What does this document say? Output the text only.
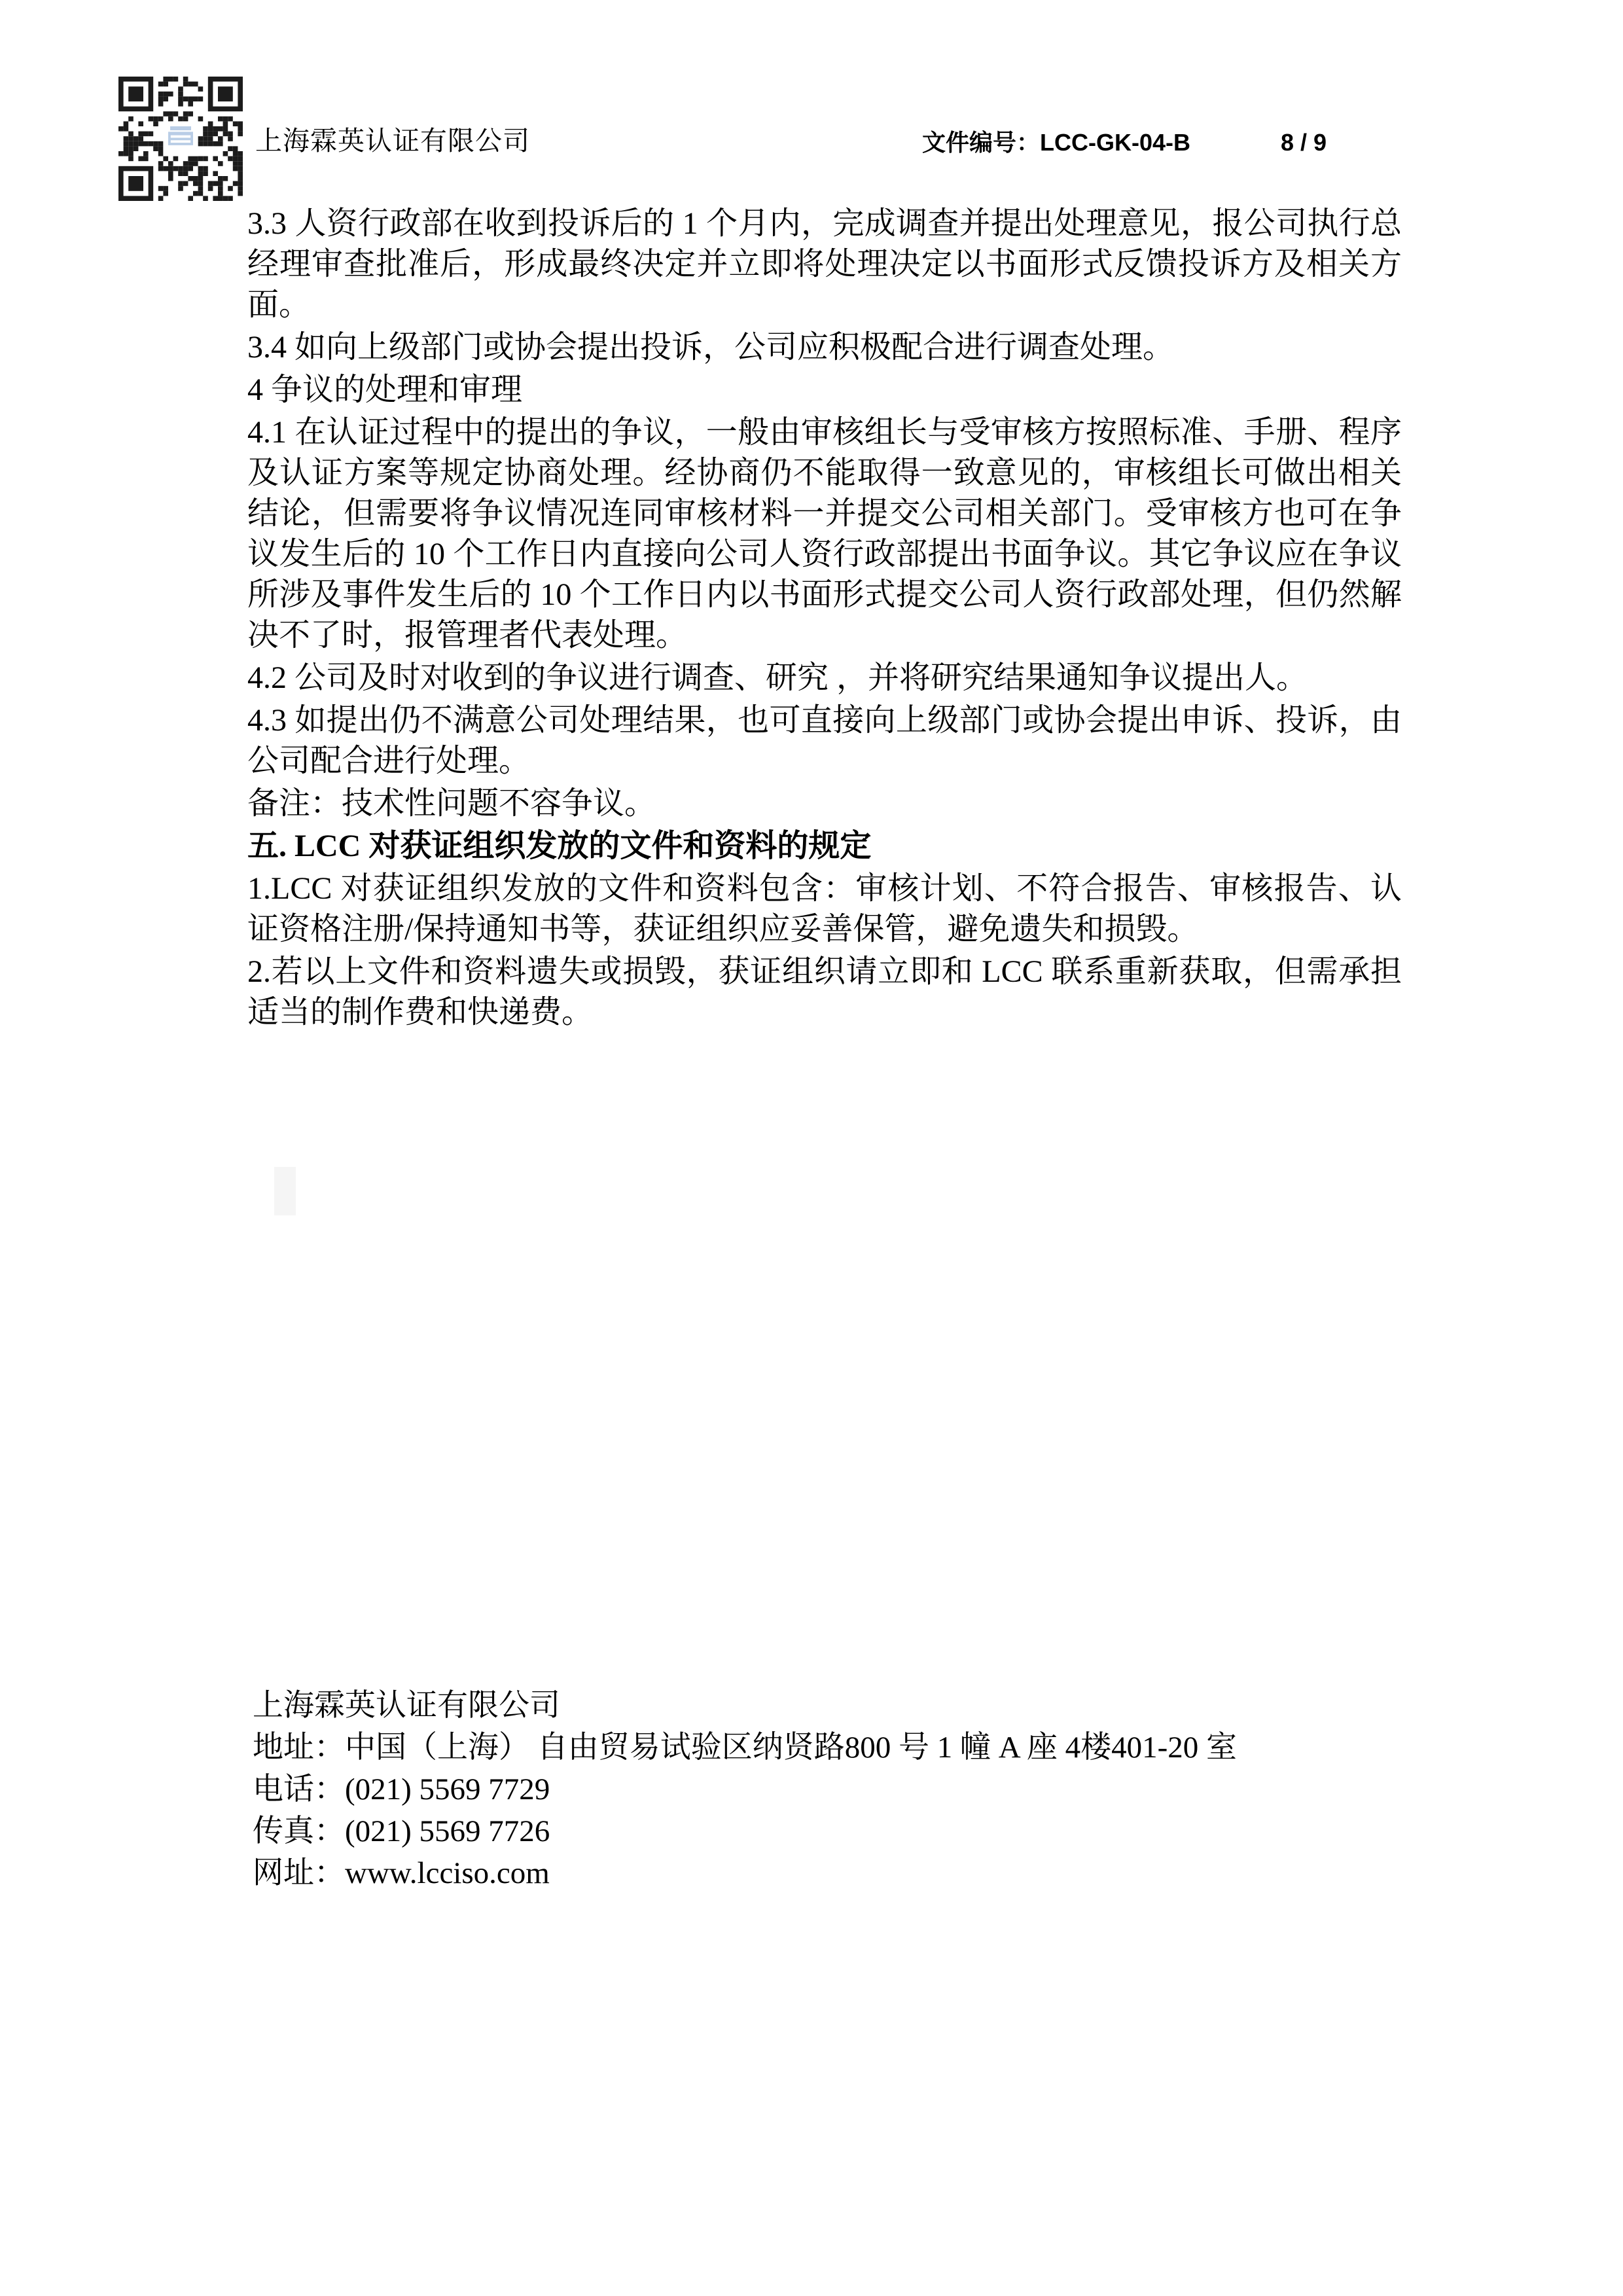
上海霖英认证有限公司	文件编号：LCC-GK-04-B	8 / 9

3.3 人资行政部在收到投诉后的 1 个月内，完成调查并提出处理意见，报公司执行总经理审查批准后，形成最终决定并立即将处理决定以书面形式反馈投诉方及相关方面。

3.4 如向上级部门或协会提出投诉，公司应积极配合进行调查处理。

4 争议的处理和审理

4.1 在认证过程中的提出的争议，一般由审核组长与受审核方按照标准、手册、程序及认证方案等规定协商处理。经协商仍不能取得一致意见的，审核组长可做出相关结论，但需要将争议情况连同审核材料一并提交公司相关部门。受审核方也可在争议发生后的 10 个工作日内直接向公司人资行政部提出书面争议。其它争议应在争议所涉及事件发生后的 10 个工作日内以书面形式提交公司人资行政部处理，但仍然解决不了时，报管理者代表处理。

4.2 公司及时对收到的争议进行调查、研究 ，并将研究结果通知争议提出人。

4.3 如提出仍不满意公司处理结果，也可直接向上级部门或协会提出申诉、投诉，由公司配合进行处理。

备注：技术性问题不容争议。

五. LCC 对获证组织发放的文件和资料的规定

1.LCC 对获证组织发放的文件和资料包含：审核计划、不符合报告、审核报告、认证资格注册/保持通知书等，获证组织应妥善保管，避免遗失和损毁。

2.若以上文件和资料遗失或损毁，获证组织请立即和 LCC 联系重新获取，但需承担适当的制作费和快递费。

上海霖英认证有限公司
地址：中国（上海） 自由贸易试验区纳贤路800 号 1 幢 A 座 4楼401-20 室
电话：(021) 5569 7729
传真：(021) 5569 7726
网址：www.lcciso.com
